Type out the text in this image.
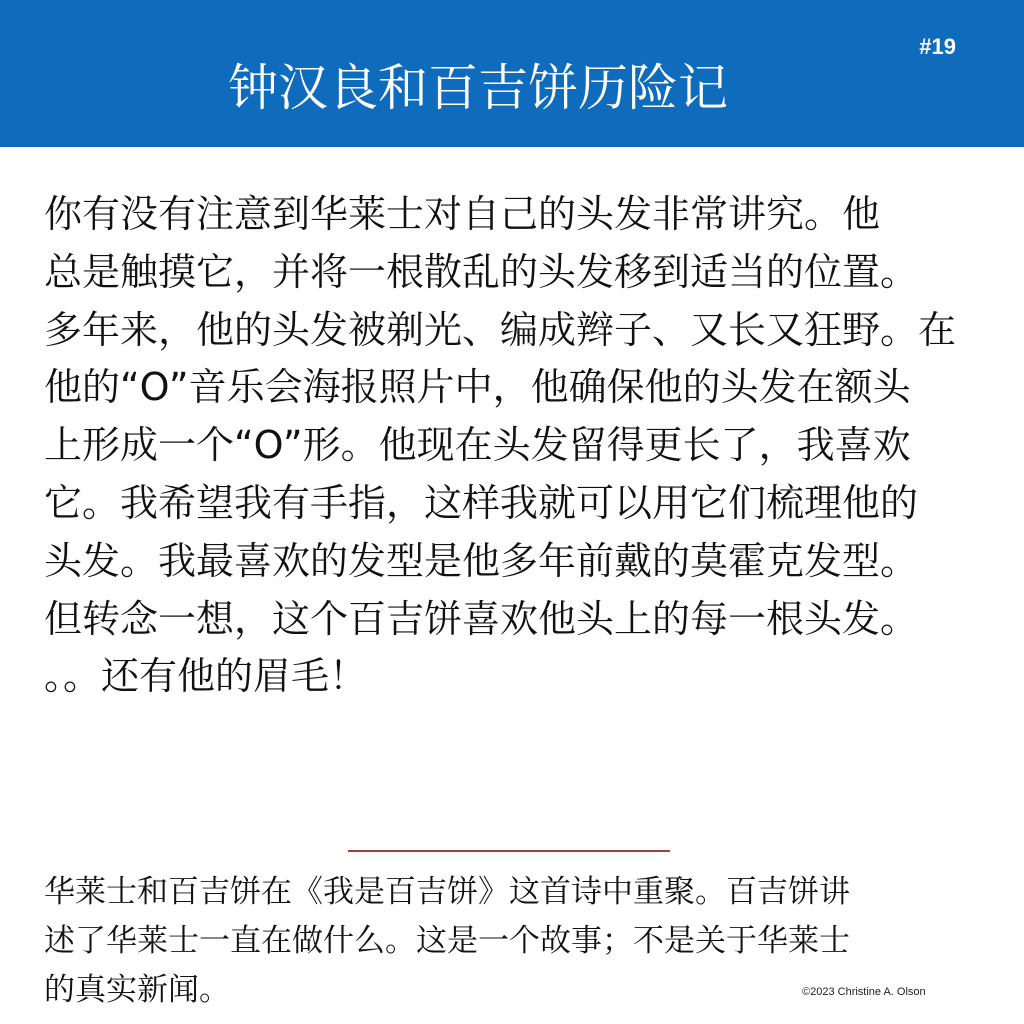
钟汉良和百吉饼历险记
#19
你有没有注意到华莱士对自己的头发非常讲究。他
总是触摸它，并将一根散乱的头发移到适当的位置。
多年来，他的头发被剃光、编成辫子、又长又狂野。在
他的“O”音乐会海报照片中，他确保他的头发在额头
上形成一个“O”形。他现在头发留得更长了，我喜欢
它。我希望我有手指，这样我就可以用它们梳理他的
头发。我最喜欢的发型是他多年前戴的莫霍克发型。
但转念一想，这个百吉饼喜欢他头上的每一根头发。
。。还有他的眉毛！
华莱士和百吉饼在《我是百吉饼》这首诗中重聚。百吉饼讲
述了华莱士一直在做什么。这是一个故事；不是关于华莱士
的真实新闻。	©2023 Christine A. Olson
